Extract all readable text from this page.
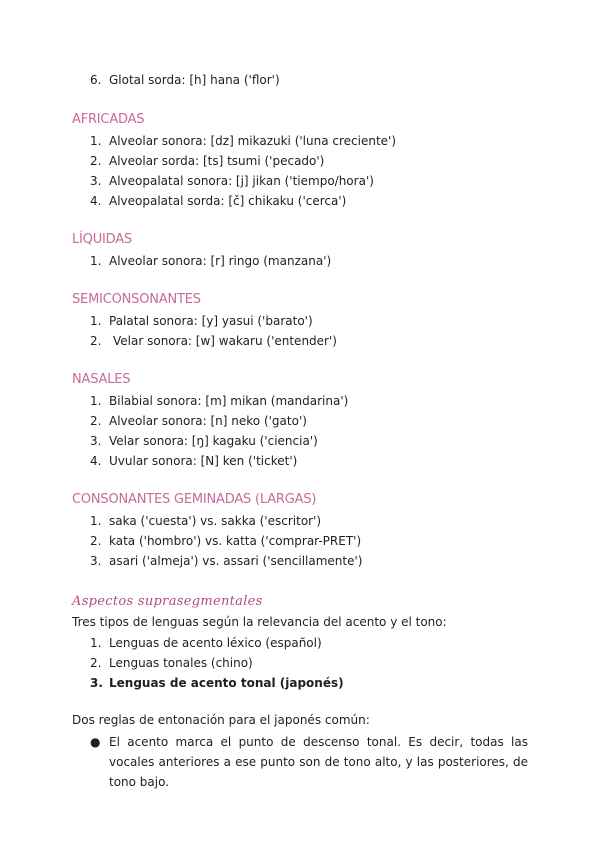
6. Glotal sorda: [h] hana ('flor')
AFRICADAS
1. Alveolar sonora: [dz] mikazuki ('luna creciente')
2. Alveolar sorda: [ts] tsumi ('pecado')
3. Alveopalatal sonora: [j] jikan ('tiempo/hora')
4. Alveopalatal sorda: [č] chikaku ('cerca')
LÍQUIDAS
1. Alveolar sonora: [r] ringo (manzana')
SEMICONSONANTES
1. Palatal sonora: [y] yasui ('barato')
2. Velar sonora: [w] wakaru ('entender')
NASALES
1. Bilabial sonora: [m] mikan (mandarina')
2. Alveolar sonora: [n] neko ('gato')
3. Velar sonora: [ŋ] kagaku ('ciencia')
4. Uvular sonora: [N] ken ('ticket')
CONSONANTES GEMINADAS (LARGAS)
1. saka ('cuesta') vs. sakka ('escritor')
2. kata ('hombro') vs. katta ('comprar-PRET')
3. asari ('almeja') vs. assari ('sencillamente')
Aspectos suprasegmentales
Tres tipos de lenguas según la relevancia del acento y el tono:
1. Lenguas de acento léxico (español)
2. Lenguas tonales (chino)
3. Lenguas de acento tonal (japonés)
Dos reglas de entonación para el japonés común:
● El acento marca el punto de descenso tonal. Es decir, todas las vocales anteriores a ese punto son de tono alto, y las posteriores, de tono bajo.
